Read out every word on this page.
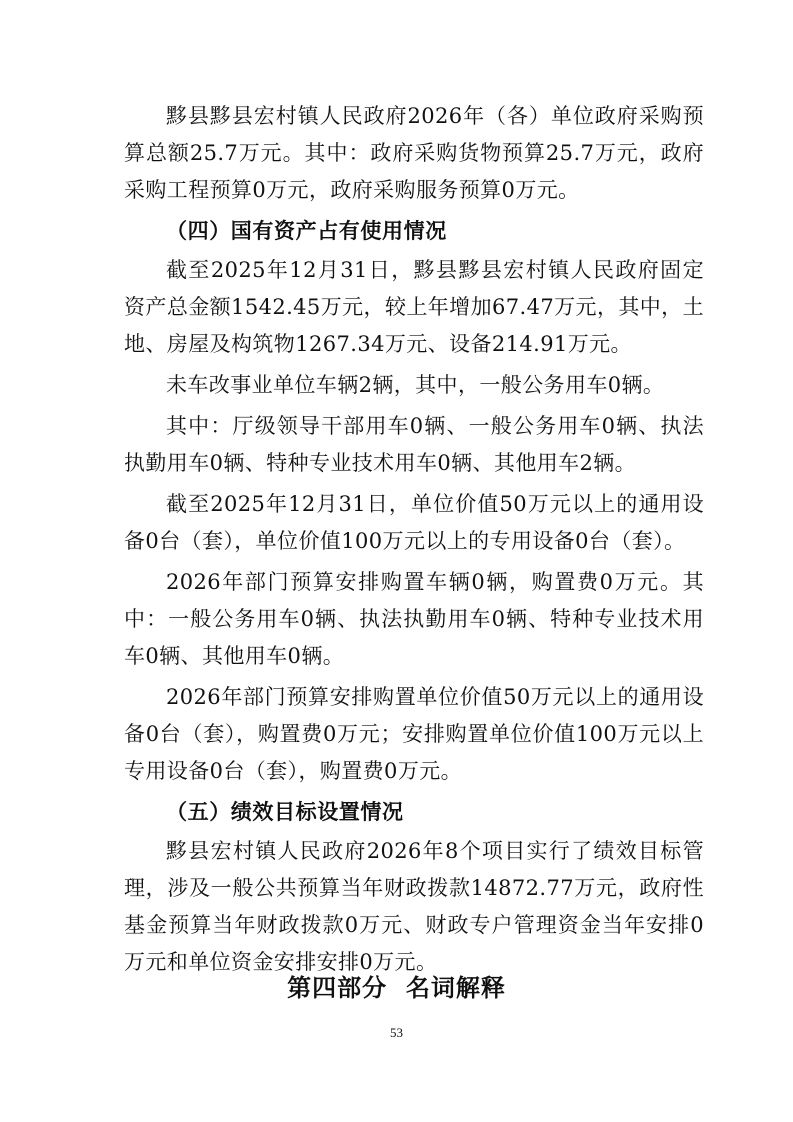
黟县黟县宏村镇人民政府2026年（各）单位政府采购预算总额25.7万元。其中：政府采购货物预算25.7万元，政府采购工程预算0万元，政府采购服务预算0万元。

（四）国有资产占有使用情况

截至2025年12月31日，黟县黟县宏村镇人民政府固定资产总金额1542.45万元，较上年增加67.47万元，其中，土地、房屋及构筑物1267.34万元、设备214.91万元。

未车改事业单位车辆2辆，其中，一般公务用车0辆。

其中：厅级领导干部用车0辆、一般公务用车0辆、执法执勤用车0辆、特种专业技术用车0辆、其他用车2辆。

截至2025年12月31日，单位价值50万元以上的通用设备0台（套），单位价值100万元以上的专用设备0台（套）。

2026年部门预算安排购置车辆0辆，购置费0万元。其中：一般公务用车0辆、执法执勤用车0辆、特种专业技术用车0辆、其他用车0辆。

2026年部门预算安排购置单位价值50万元以上的通用设备0台（套），购置费0万元；安排购置单位价值100万元以上专用设备0台（套），购置费0万元。

（五）绩效目标设置情况

黟县宏村镇人民政府2026年8个项目实行了绩效目标管理，涉及一般公共预算当年财政拨款14872.77万元，政府性基金预算当年财政拨款0万元、财政专户管理资金当年安排0万元和单位资金安排安排0万元。

第四部分  名词解释
53
